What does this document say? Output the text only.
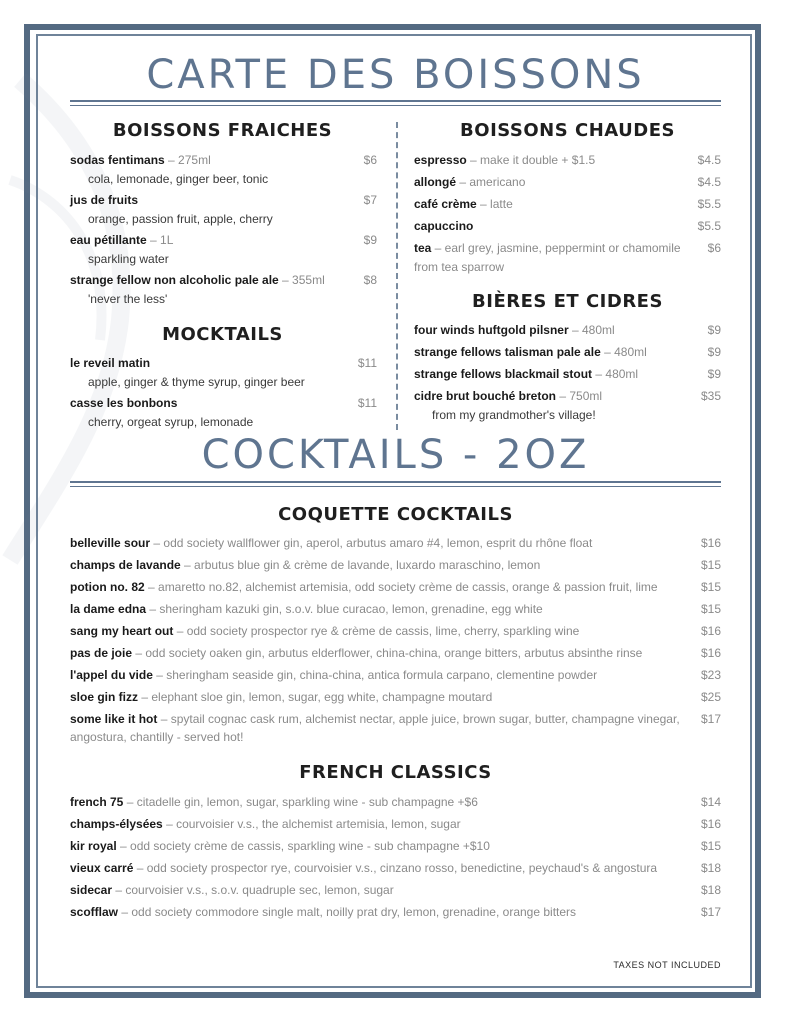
CARTE DES BOISSONS
BOISSONS FRAICHES
sodas fentimans – 275ml	$6
cola, lemonade, ginger beer, tonic
jus de fruits	$7
orange, passion fruit, apple, cherry
eau pétillante – 1L	$9
sparkling water
strange fellow non alcoholic pale ale – 355ml	$8
'never the less'
MOCKTAILS
le reveil matin	$11
apple, ginger & thyme syrup, ginger beer
casse les bonbons	$11
cherry, orgeat syrup, lemonade
BOISSONS CHAUDES
espresso – make it double + $1.5	$4.5
allongé – americano	$4.5
café crème – latte	$5.5
capuccino	$5.5
tea – earl grey, jasmine, peppermint or chamomile	$6
from tea sparrow
BIÈRES ET CIDRES
four winds huftgold pilsner – 480ml	$9
strange fellows talisman pale ale – 480ml	$9
strange fellows blackmail stout – 480ml	$9
cidre brut bouché breton – 750ml	$35
from my grandmother's village!
COCKTAILS - 2OZ
COQUETTE COCKTAILS
belleville sour – odd society wallflower gin, aperol, arbutus amaro #4, lemon, esprit du rhône float	$16
champs de lavande – arbutus blue gin & crème de lavande, luxardo maraschino, lemon	$15
potion no. 82 – amaretto no.82, alchemist artemisia, odd society crème de cassis, orange & passion fruit, lime	$15
la dame edna – sheringham kazuki gin, s.o.v. blue curacao, lemon, grenadine, egg white	$15
sang my heart out – odd society prospector rye & crème de cassis, lime, cherry, sparkling wine	$16
pas de joie – odd society oaken gin, arbutus elderflower, china-china, orange bitters, arbutus absinthe rinse	$16
l'appel du vide – sheringham seaside gin, china-china, antica formula carpano, clementine powder	$23
sloe gin fizz – elephant sloe gin, lemon, sugar, egg white, champagne moutard	$25
some like it hot – spytail cognac cask rum, alchemist nectar, apple juice, brown sugar, butter, champagne vinegar,	$17
angostura, chantilly - served hot!
FRENCH CLASSICS
french 75 – citadelle gin, lemon, sugar, sparkling wine - sub champagne +$6	$14
champs-élysées – courvoisier v.s., the alchemist artemisia, lemon, sugar	$16
kir royal – odd society crème de cassis, sparkling wine - sub champagne +$10	$15
vieux carré – odd society prospector rye, courvoisier v.s., cinzano rosso, benedictine, peychaud's & angostura	$18
sidecar – courvoisier v.s., s.o.v. quadruple sec, lemon, sugar	$18
scofflaw – odd society commodore single malt, noilly prat dry, lemon, grenadine, orange bitters	$17
TAXES NOT INCLUDED
